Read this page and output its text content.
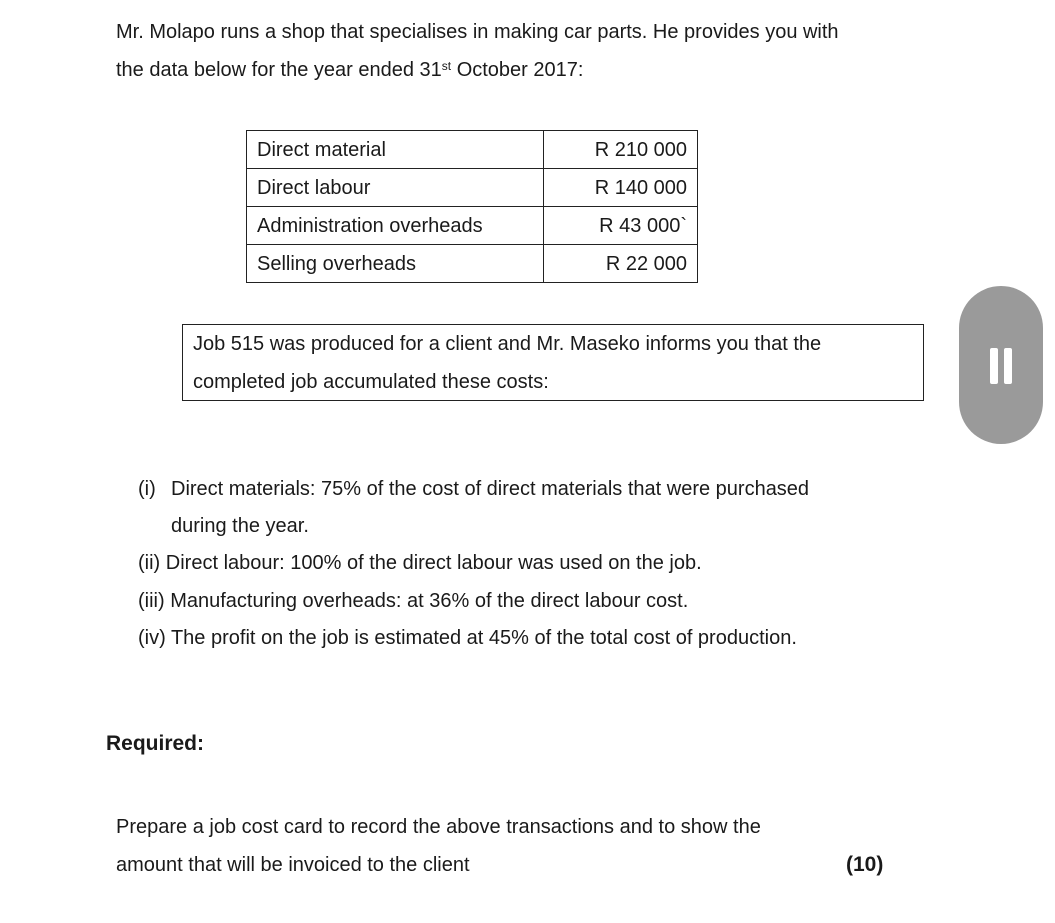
Mr. Molapo runs a shop that specialises in making car parts. He provides you with
the data below for the year ended 31st October 2017:
Direct material	R 210 000
Direct labour	R 140 000
Administration overheads	R 43 000`
Selling overheads	R 22 000
Job 515 was produced for a client and Mr. Maseko informs you that the
completed job accumulated these costs:
(i) Direct materials: 75% of the cost of direct materials that were purchased
during the year.
(ii) Direct labour: 100% of the direct labour was used on the job.
(iii) Manufacturing overheads: at 36% of the direct labour cost.
(iv) The profit on the job is estimated at 45% of the total cost of production.
Required:
Prepare a job cost card to record the above transactions and to show the
amount that will be invoiced to the client	(10)
